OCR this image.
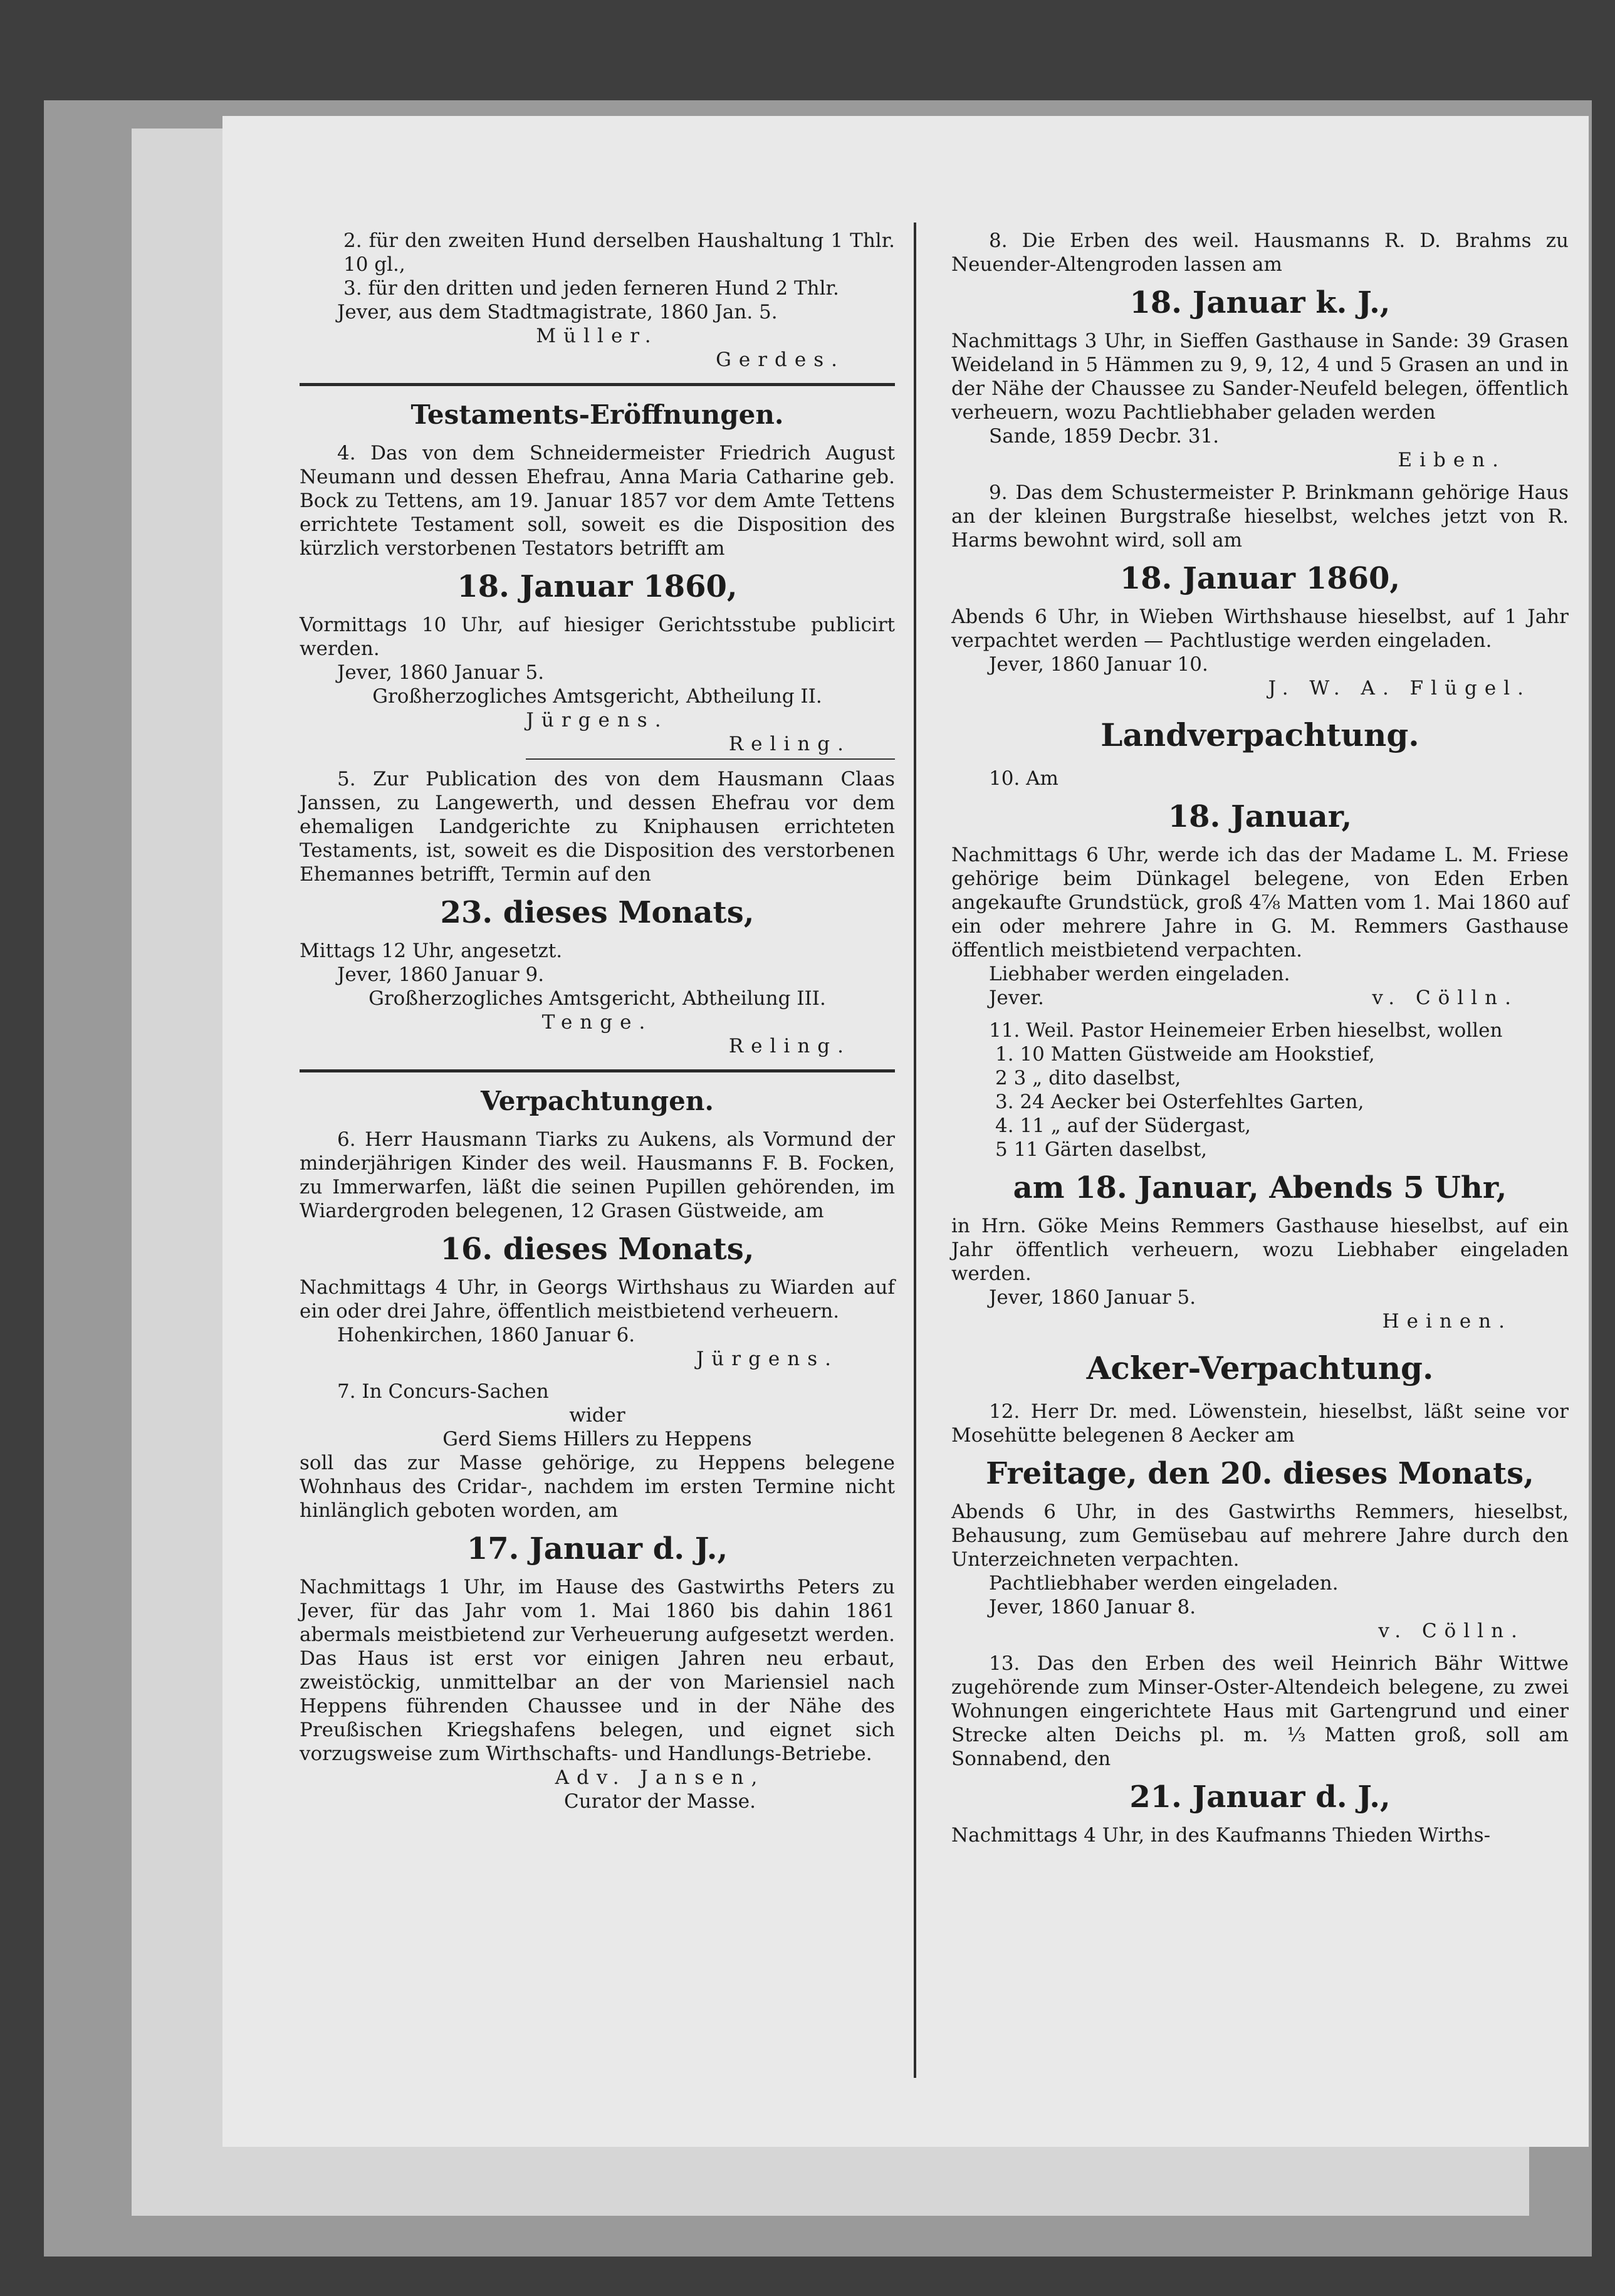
2. für den zweiten Hund derselben Haushaltung 1 Thlr. 10 gl.,

3. für den dritten und jeden ferneren Hund 2 Thlr.

Jever, aus dem Stadtmagistrate, 1860 Jan. 5.

Müller.

Gerdes.

Testaments-Eröffnungen.

4. Das von dem Schneidermeister Friedrich August Neumann und dessen Ehefrau, Anna Maria Catharine geb. Bock zu Tettens, am 19. Januar 1857 vor dem Amte Tettens errichtete Testament soll, soweit es die Disposition des kürzlich verstorbenen Testators betrifft am

18. Januar 1860,

Vormittags 10 Uhr, auf hiesiger Gerichtsstube publicirt werden.

Jever, 1860 Januar 5.

Großherzogliches Amtsgericht, Abtheilung II.

Jürgens.

Reling.

5. Zur Publication des von dem Hausmann Claas Janssen, zu Langewerth, und dessen Ehefrau vor dem ehemaligen Landgerichte zu Kniphausen errichteten Testaments, ist, soweit es die Disposition des verstorbenen Ehemannes betrifft, Termin auf den

23. dieses Monats,

Mittags 12 Uhr, angesetzt.

Jever, 1860 Januar 9.

Großherzogliches Amtsgericht, Abtheilung III.

Tenge.

Reling.

Verpachtungen.

6. Herr Hausmann Tiarks zu Aukens, als Vormund der minderjährigen Kinder des weil. Hausmanns F. B. Focken, zu Immerwarfen, läßt die seinen Pupillen gehörenden, im Wiardergroden belegenen, 12 Grasen Güstweide, am

16. dieses Monats,

Nachmittags 4 Uhr, in Georgs Wirthshaus zu Wiarden auf ein oder drei Jahre, öffentlich meistbietend verheuern.

Hohenkirchen, 1860 Januar 6.

Jürgens.

7. In Concurs-Sachen

wider

Gerd Siems Hillers zu Heppens

soll das zur Masse gehörige, zu Heppens belegene Wohnhaus des Cridar-, nachdem im ersten Termine nicht hinlänglich geboten worden, am

17. Januar d. J.,

Nachmittags 1 Uhr, im Hause des Gastwirths Peters zu Jever, für das Jahr vom 1. Mai 1860 bis dahin 1861 abermals meistbietend zur Verheuerung aufgesetzt werden. Das Haus ist erst vor einigen Jahren neu erbaut, zweistöckig, unmittelbar an der von Mariensiel nach Heppens führenden Chaussee und in der Nähe des Preußischen Kriegshafens belegen, und eignet sich vorzugsweise zum Wirthschafts- und Handlungs-Betriebe.

Adv. Jansen,

Curator der Masse.

8. Die Erben des weil. Hausmanns R. D. Brahms zu Neuender-Altengroden lassen am

18. Januar k. J.,

Nachmittags 3 Uhr, in Sieffen Gasthause in Sande: 39 Grasen Weideland in 5 Hämmen zu 9, 9, 12, 4 und 5 Grasen an und in der Nähe der Chaussee zu Sander-Neufeld belegen, öffentlich verheuern, wozu Pachtliebhaber geladen werden

Sande, 1859 Decbr. 31.

Eiben.

9. Das dem Schustermeister P. Brinkmann gehörige Haus an der kleinen Burgstraße hieselbst, welches jetzt von R. Harms bewohnt wird, soll am

18. Januar 1860,

Abends 6 Uhr, in Wieben Wirthshause hieselbst, auf 1 Jahr verpachtet werden — Pachtlustige werden eingeladen.

Jever, 1860 Januar 10.

J. W. A. Flügel.

Landverpachtung.

10. Am

18. Januar,

Nachmittags 6 Uhr, werde ich das der Madame L. M. Friese gehörige beim Dünkagel belegene, von Eden Erben angekaufte Grundstück, groß 4⅞ Matten vom 1. Mai 1860 auf ein oder mehrere Jahre in G. M. Remmers Gasthause öffentlich meistbietend verpachten.

Liebhaber werden eingeladen.

Jever.	v. Cölln.

11. Weil. Pastor Heinemeier Erben hieselbst, wollen

1. 10 Matten Güstweide am Hookstief,

2 3 „ dito daselbst,

3. 24 Aecker bei Osterfehltes Garten,

4. 11 „ auf der Südergast,

5 11 Gärten daselbst,

am 18. Januar, Abends 5 Uhr,

in Hrn. Göke Meins Remmers Gasthause hieselbst, auf ein Jahr öffentlich verheuern, wozu Liebhaber eingeladen werden.

Jever, 1860 Januar 5.

Heinen.

Acker-Verpachtung.

12. Herr Dr. med. Löwenstein, hieselbst, läßt seine vor Mosehütte belegenen 8 Aecker am

Freitage, den 20. dieses Monats,

Abends 6 Uhr, in des Gastwirths Remmers, hieselbst, Behausung, zum Gemüsebau auf mehrere Jahre durch den Unterzeichneten verpachten.

Pachtliebhaber werden eingeladen.

Jever, 1860 Januar 8.

v. Cölln.

13. Das den Erben des weil Heinrich Bähr Wittwe zugehörende zum Minser-Oster-Altendeich belegene, zu zwei Wohnungen eingerichtete Haus mit Gartengrund und einer Strecke alten Deichs pl. m. ⅓ Matten groß, soll am Sonnabend, den

21. Januar d. J.,

Nachmittags 4 Uhr, in des Kaufmanns Thieden Wirths-
